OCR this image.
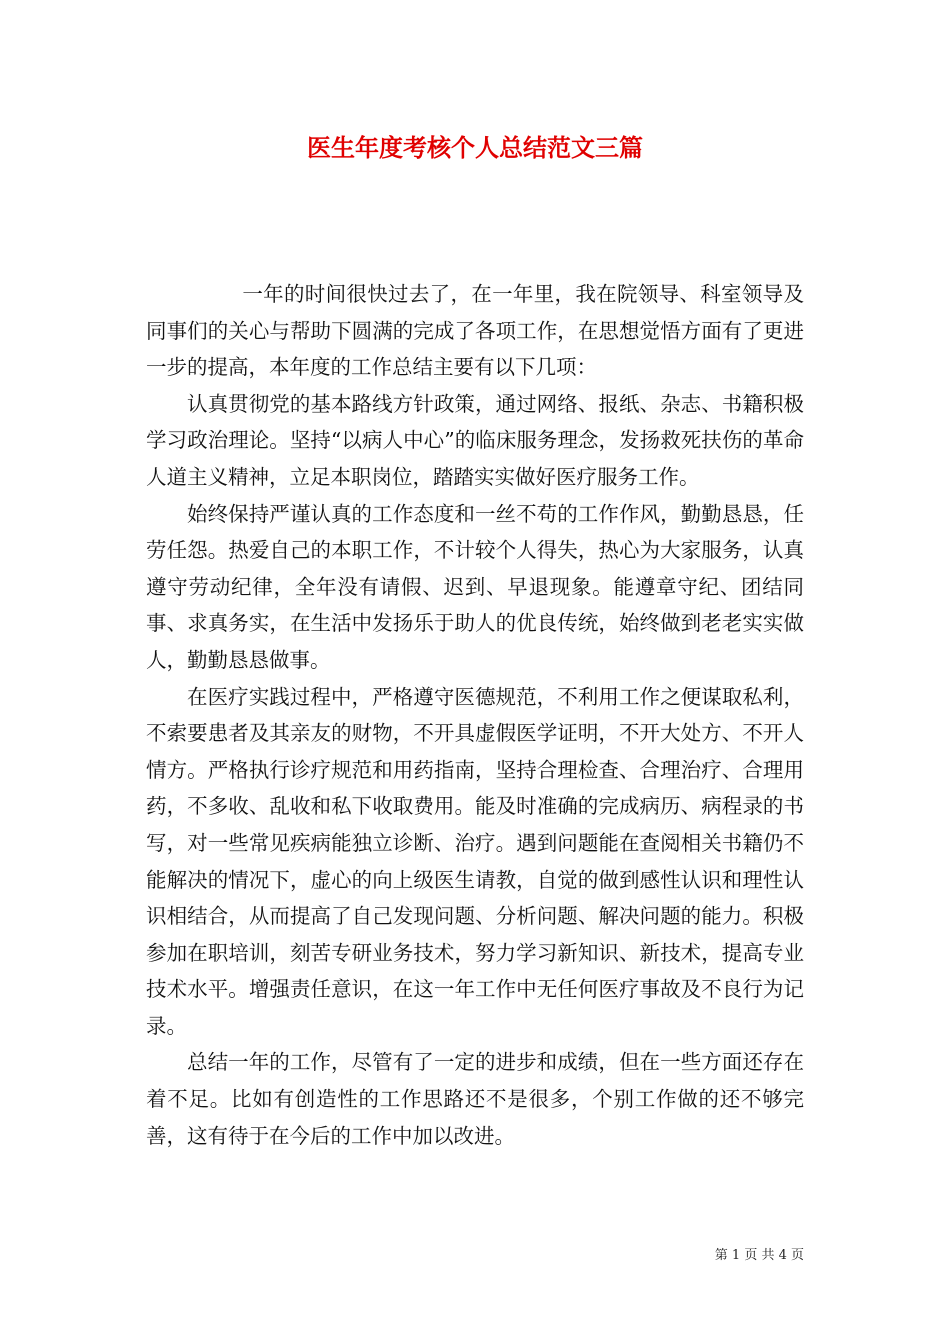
医生年度考核个人总结范文三篇

一年的时间很快过去了，在一年里，我在院领导、科室领导及同事们的关心与帮助下圆满的完成了各项工作，在思想觉悟方面有了更进一步的提高，本年度的工作总结主要有以下几项：

认真贯彻党的基本路线方针政策，通过网络、报纸、杂志、书籍积极学习政治理论。坚持“以病人中心”的临床服务理念，发扬救死扶伤的革命人道主义精神，立足本职岗位，踏踏实实做好医疗服务工作。

始终保持严谨认真的工作态度和一丝不苟的工作作风，勤勤恳恳，任劳任怨。热爱自己的本职工作，不计较个人得失，热心为大家服务，认真遵守劳动纪律，全年没有请假、迟到、早退现象。能遵章守纪、团结同事、求真务实，在生活中发扬乐于助人的优良传统，始终做到老老实实做人，勤勤恳恳做事。

在医疗实践过程中，严格遵守医德规范，不利用工作之便谋取私利，不索要患者及其亲友的财物，不开具虚假医学证明，不开大处方、不开人情方。严格执行诊疗规范和用药指南，坚持合理检查、合理治疗、合理用药，不多收、乱收和私下收取费用。能及时准确的完成病历、病程录的书写，对一些常见疾病能独立诊断、治疗。遇到问题能在查阅相关书籍仍不能解决的情况下，虚心的向上级医生请教，自觉的做到感性认识和理性认识相结合，从而提高了自己发现问题、分析问题、解决问题的能力。积极参加在职培训，刻苦专研业务技术，努力学习新知识、新技术，提高专业技术水平。增强责任意识，在这一年工作中无任何医疗事故及不良行为记录。

总结一年的工作，尽管有了一定的进步和成绩，但在一些方面还存在着不足。比如有创造性的工作思路还不是很多，个别工作做的还不够完善，这有待于在今后的工作中加以改进。

第 1 页 共 4 页
